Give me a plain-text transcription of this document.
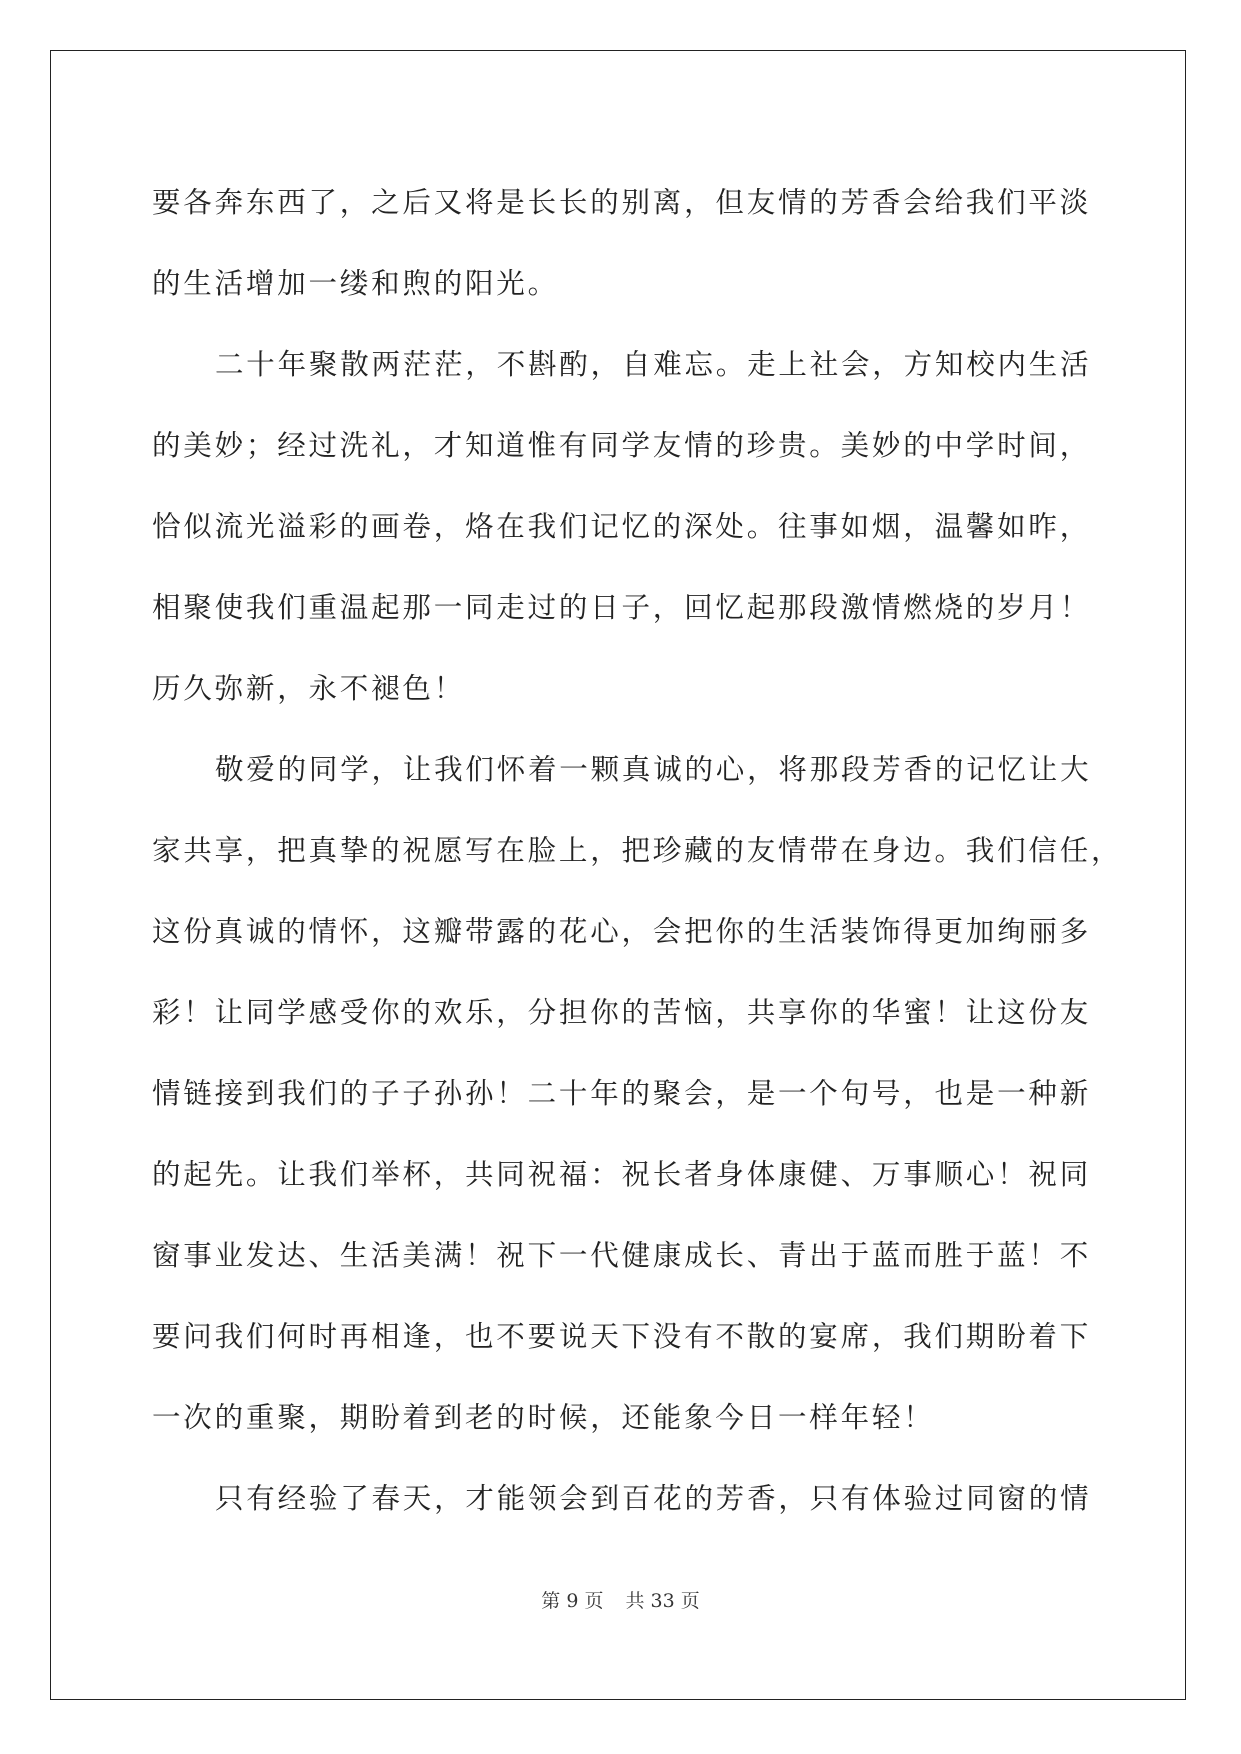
要各奔东西了，之后又将是长长的别离，但友情的芳香会给我们平淡
的生活增加一缕和煦的阳光。
二十年聚散两茫茫，不斟酌，自难忘。走上社会，方知校内生活
的美妙；经过洗礼，才知道惟有同学友情的珍贵。美妙的中学时间，
恰似流光溢彩的画卷，烙在我们记忆的深处。往事如烟，温馨如昨，
相聚使我们重温起那一同走过的日子，回忆起那段激情燃烧的岁月！
历久弥新，永不褪色！
敬爱的同学，让我们怀着一颗真诚的心，将那段芳香的记忆让大
家共享，把真挚的祝愿写在脸上，把珍藏的友情带在身边。我们信任，
这份真诚的情怀，这瓣带露的花心，会把你的生活装饰得更加绚丽多
彩！让同学感受你的欢乐，分担你的苦恼，共享你的华蜜！让这份友
情链接到我们的子子孙孙！二十年的聚会，是一个句号，也是一种新
的起先。让我们举杯，共同祝福：祝长者身体康健、万事顺心！祝同
窗事业发达、生活美满！祝下一代健康成长、青出于蓝而胜于蓝！不
要问我们何时再相逢，也不要说天下没有不散的宴席，我们期盼着下
一次的重聚，期盼着到老的时候，还能象今日一样年轻！
只有经验了春天，才能领会到百花的芳香，只有体验过同窗的情
第 9 页 共 33 页
